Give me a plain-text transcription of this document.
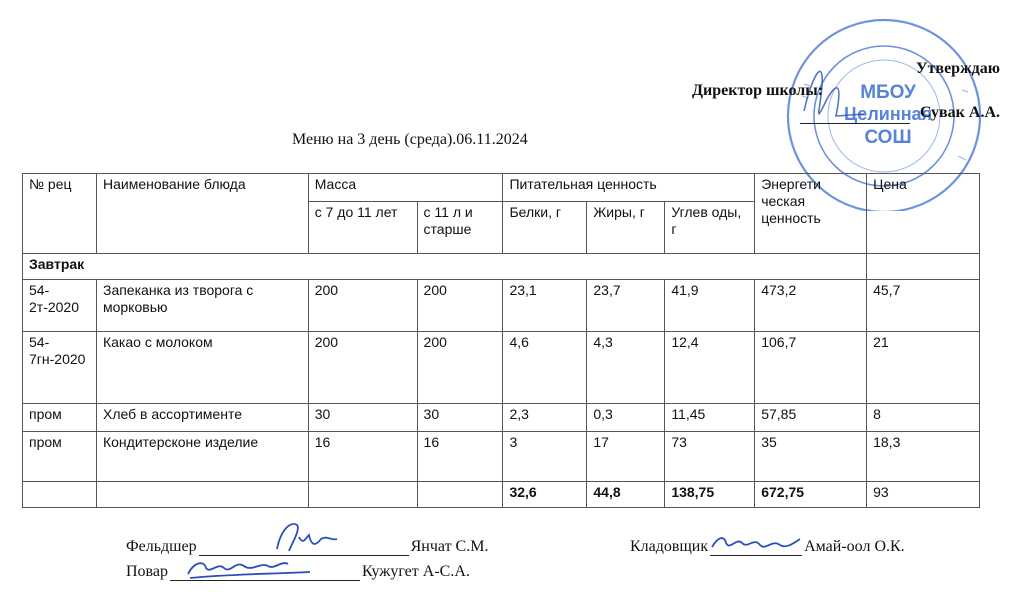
МБОУ
Целинная
СОШ
Утверждаю
Директор школы:
Сувак А.А.
Меню на 3 день (среда).06.11.2024
№ рец	Наименование блюда	Масса		Питательная ценность			Энергети ческая ценность	Цена
		с 7 до 11 лет	с 11 л и старше	Белки, г	Жиры, г	Углев оды, г		
Завтрак								
54-2т-2020	Запеканка из творога с морковью	200	200	23,1	23,7	41,9	473,2	45,7
54-7гн-2020	Какао с молоком	200	200	4,6	4,3	12,4	106,7	21
пром	Хлеб в ассортименте	30	30	2,3	0,3	11,45	57,85	8
пром	Кондитерсконе изделие	16	16	3	17	73	35	18,3
				32,6	44,8	138,75	672,75	93
Фельдшер	Янчат С.М.	Кладовщик	Амай-оол О.К.
Повар	Кужугет А-С.А.
